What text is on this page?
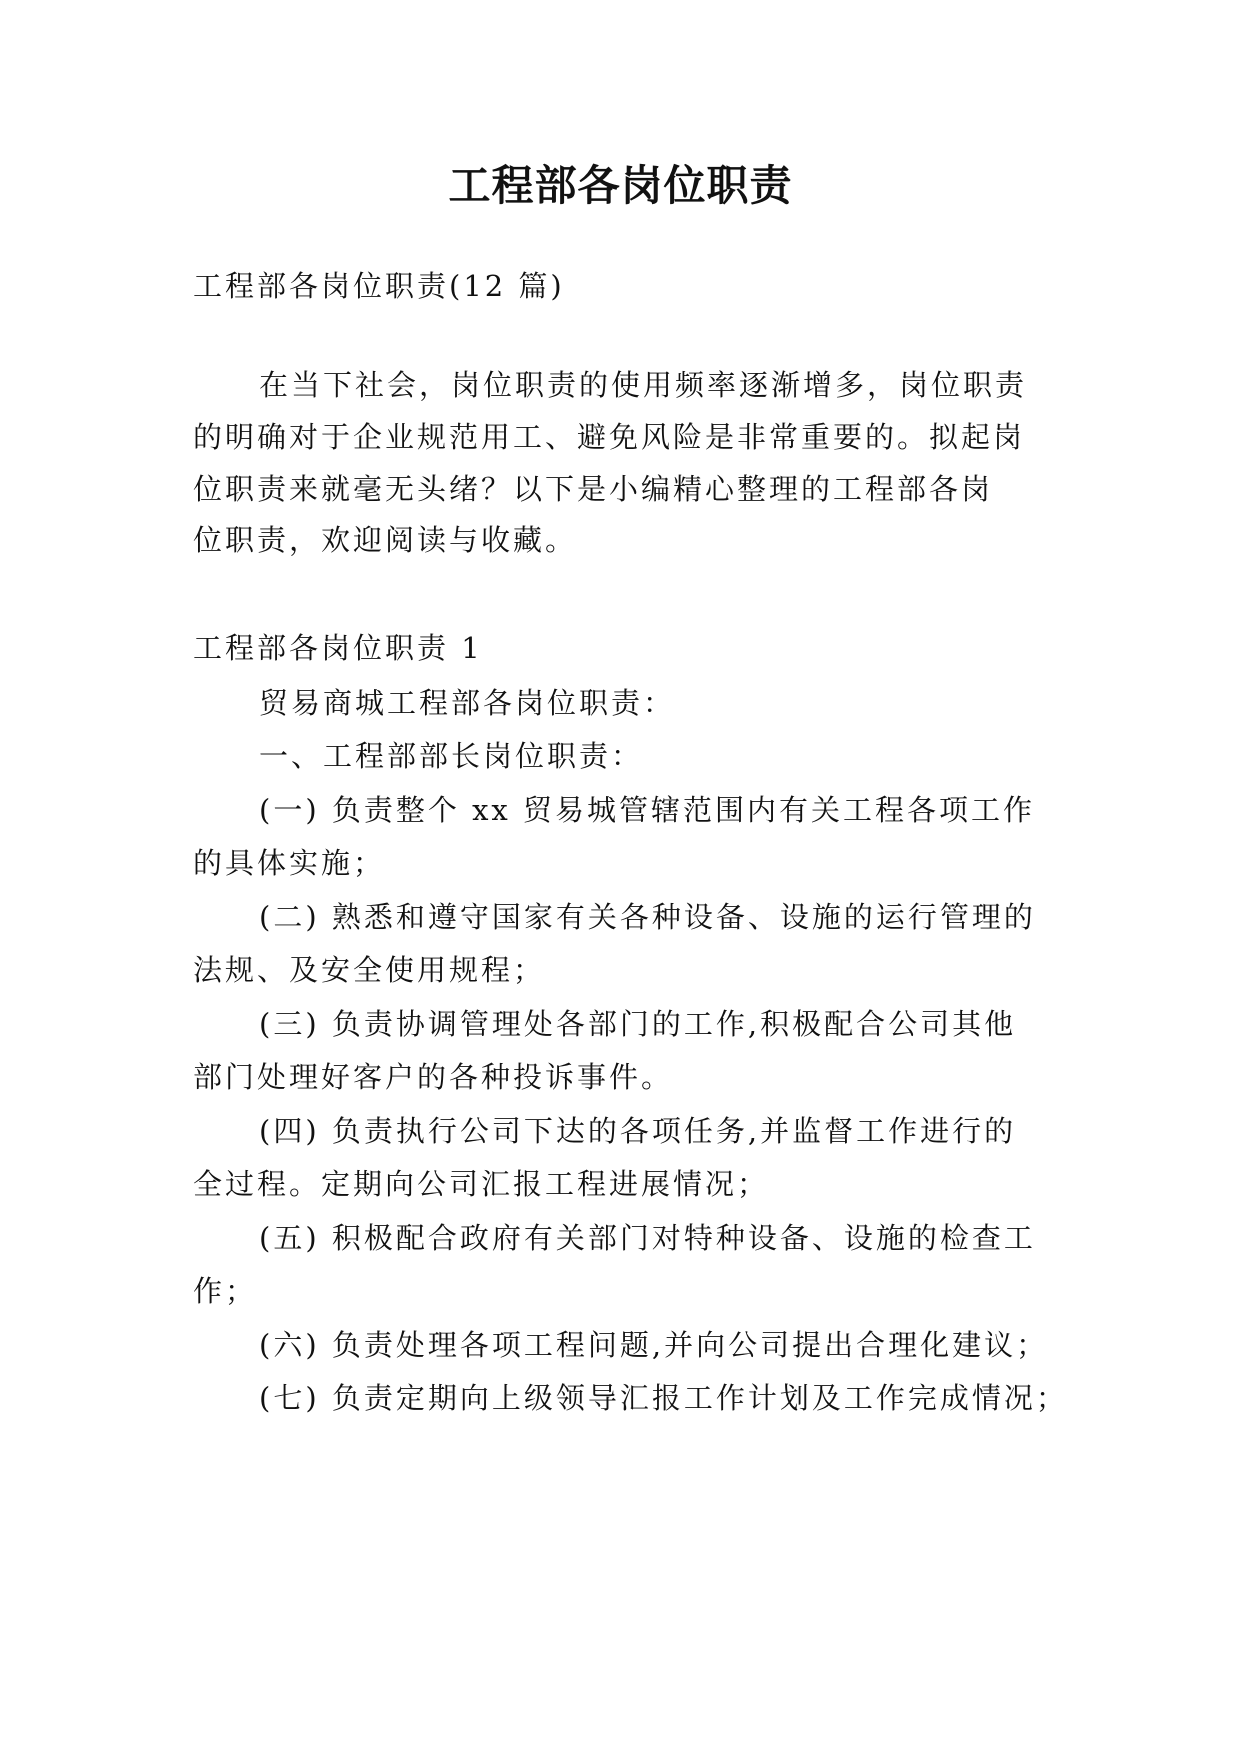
工程部各岗位职责

工程部各岗位职责(12 篇)

在当下社会，岗位职责的使用频率逐渐增多，岗位职责

的明确对于企业规范用工、避免风险是非常重要的。拟起岗

位职责来就毫无头绪？以下是小编精心整理的工程部各岗

位职责，欢迎阅读与收藏。

工程部各岗位职责 1

贸易商城工程部各岗位职责：

一、工程部部长岗位职责：

(一) 负责整个 xx 贸易城管辖范围内有关工程各项工作

的具体实施；

(二) 熟悉和遵守国家有关各种设备、设施的运行管理的

法规、及安全使用规程；

(三) 负责协调管理处各部门的工作,积极配合公司其他

部门处理好客户的各种投诉事件。

(四) 负责执行公司下达的各项任务,并监督工作进行的

全过程。定期向公司汇报工程进展情况；

(五) 积极配合政府有关部门对特种设备、设施的检查工

作；

(六) 负责处理各项工程问题,并向公司提出合理化建议；

(七) 负责定期向上级领导汇报工作计划及工作完成情况；
